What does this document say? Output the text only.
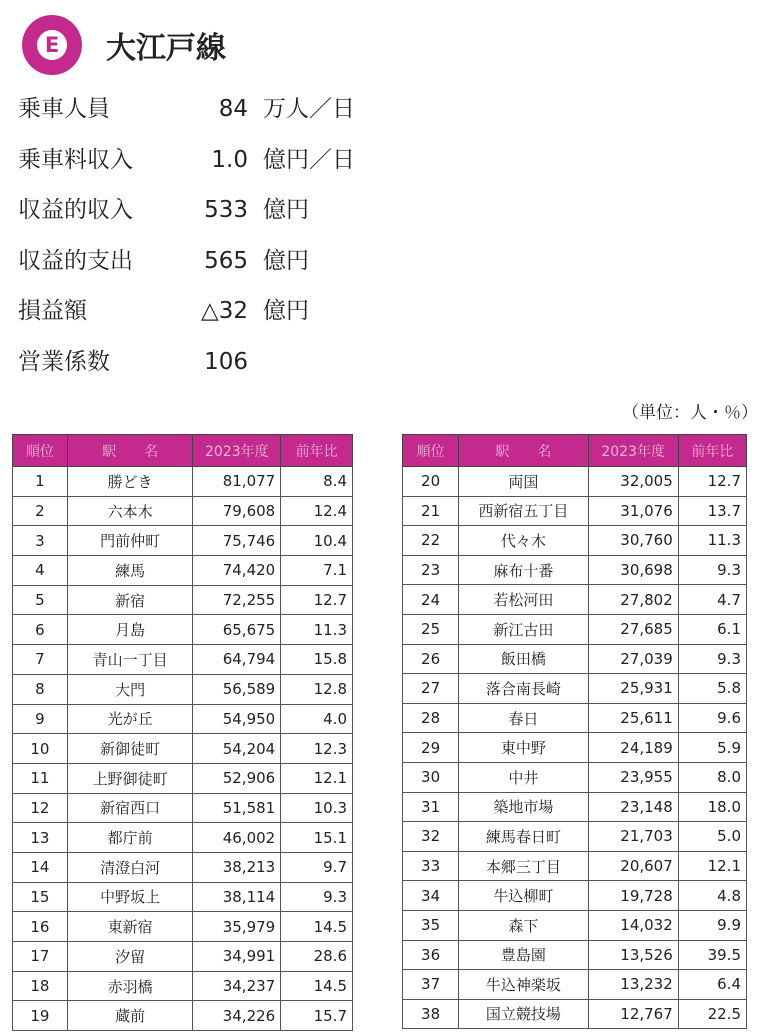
E 大江戸線
乗車人員	84 万人／日
乗車料収入	1.0 億円／日
収益的収入	533 億円
収益的支出	565 億円
損益額	△32 億円
営業係数	106
（単位：人・％）
順位	駅　　名	2023年度	前年比
1	勝どき	81,077	8.4
2	六本木	79,608	12.4
3	門前仲町	75,746	10.4
4	練馬	74,420	7.1
5	新宿	72,255	12.7
6	月島	65,675	11.3
7	青山一丁目	64,794	15.8
8	大門	56,589	12.8
9	光が丘	54,950	4.0
10	新御徒町	54,204	12.3
11	上野御徒町	52,906	12.1
12	新宿西口	51,581	10.3
13	都庁前	46,002	15.1
14	清澄白河	38,213	9.7
15	中野坂上	38,114	9.3
16	東新宿	35,979	14.5
17	汐留	34,991	28.6
18	赤羽橋	34,237	14.5
19	蔵前	34,226	15.7
順位	駅　　名	2023年度	前年比
20	両国	32,005	12.7
21	西新宿五丁目	31,076	13.7
22	代々木	30,760	11.3
23	麻布十番	30,698	9.3
24	若松河田	27,802	4.7
25	新江古田	27,685	6.1
26	飯田橋	27,039	9.3
27	落合南長崎	25,931	5.8
28	春日	25,611	9.6
29	東中野	24,189	5.9
30	中井	23,955	8.0
31	築地市場	23,148	18.0
32	練馬春日町	21,703	5.0
33	本郷三丁目	20,607	12.1
34	牛込柳町	19,728	4.8
35	森下	14,032	9.9
36	豊島園	13,526	39.5
37	牛込神楽坂	13,232	6.4
38	国立競技場	12,767	22.5
